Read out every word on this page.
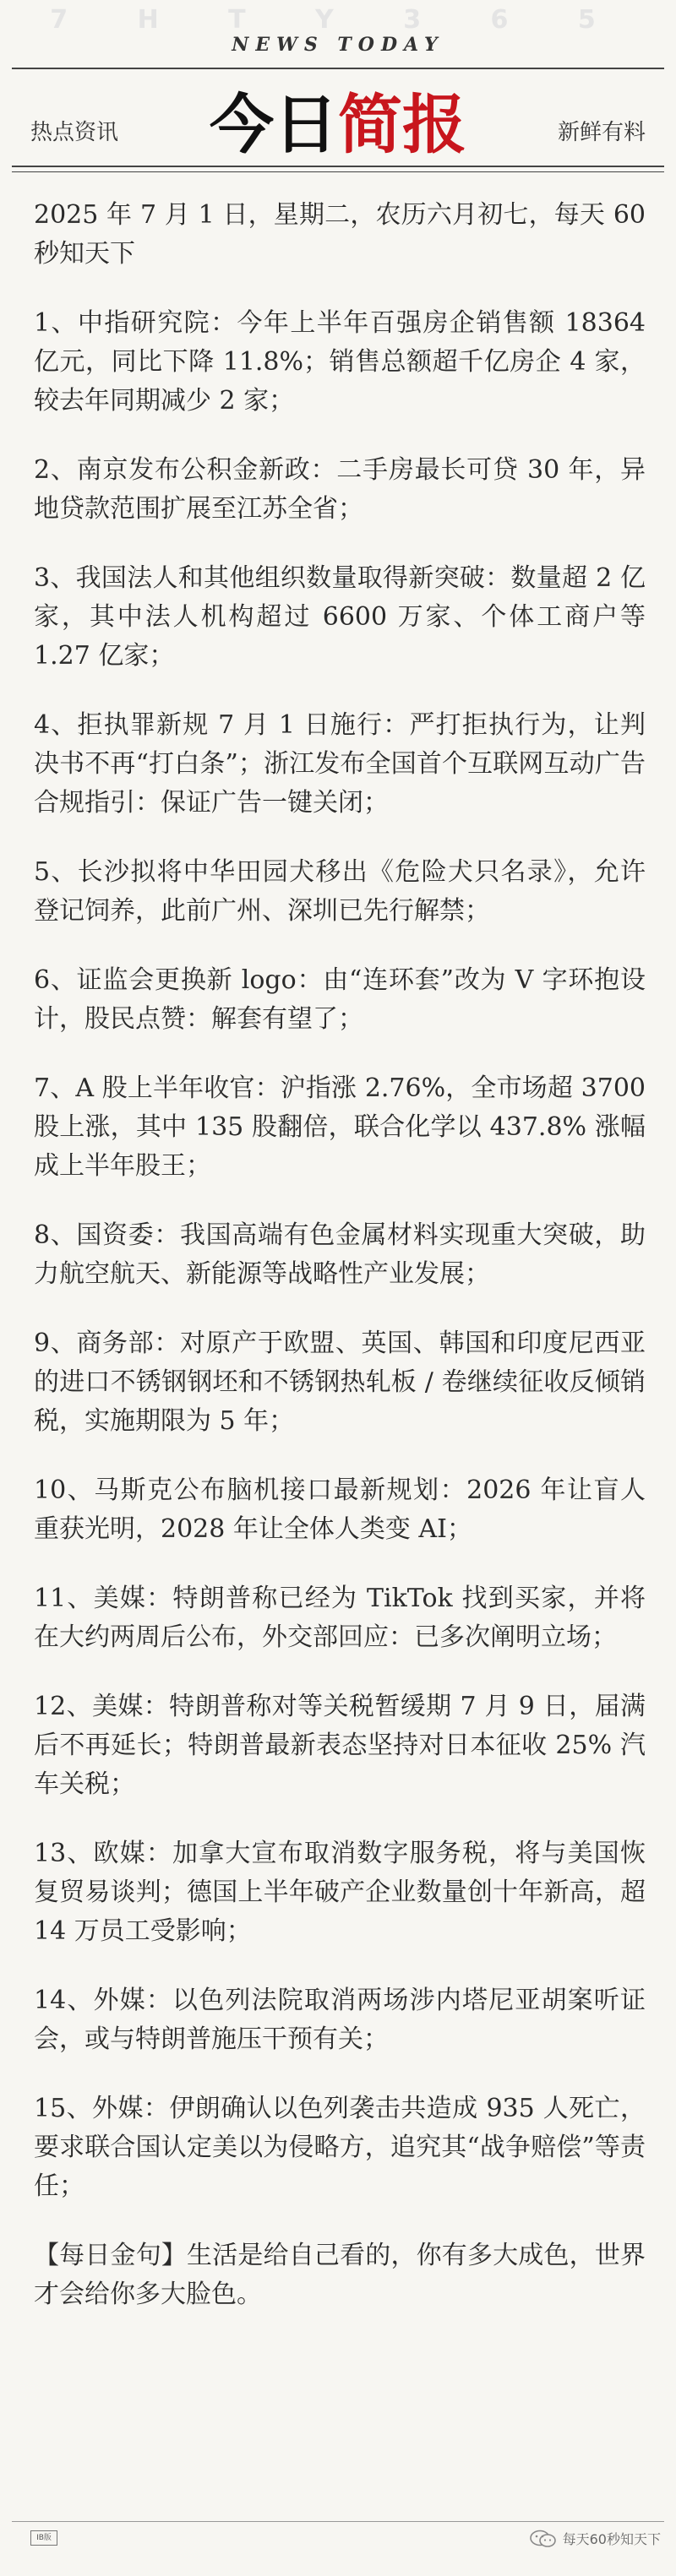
7 H T Y 3 6 5
NEWS TODAY
热点资讯	今日简报	新鲜有料

2025 年 7 月 1 日，星期二，农历六月初七，每天 60 秒知天下

1、中指研究院：今年上半年百强房企销售额 18364 亿元，同比下降 11.8%；销售总额超千亿房企 4 家，较去年同期减少 2 家；

2、南京发布公积金新政：二手房最长可贷 30 年，异地贷款范围扩展至江苏全省；

3、我国法人和其他组织数量取得新突破：数量超 2 亿家，其中法人机构超过 6600 万家、个体工商户等1.27 亿家；

4、拒执罪新规 7 月 1 日施行：严打拒执行为，让判决书不再“打白条”；浙江发布全国首个互联网互动广告合规指引：保证广告一键关闭；

5、长沙拟将中华田园犬移出《危险犬只名录》，允许登记饲养，此前广州、深圳已先行解禁；

6、证监会更换新 logo：由“连环套”改为 V 字环抱设计，股民点赞：解套有望了；

7、A 股上半年收官：沪指涨 2.76%，全市场超 3700 股上涨，其中 135 股翻倍，联合化学以 437.8% 涨幅成上半年股王；

8、国资委：我国高端有色金属材料实现重大突破，助力航空航天、新能源等战略性产业发展；

9、商务部：对原产于欧盟、英国、韩国和印度尼西亚的进口不锈钢钢坯和不锈钢热轧板 / 卷继续征收反倾销税，实施期限为 5 年；

10、马斯克公布脑机接口最新规划：2026 年让盲人重获光明，2028 年让全体人类变 AI；

11、美媒：特朗普称已经为 TikTok 找到买家，并将在大约两周后公布，外交部回应：已多次阐明立场；

12、美媒：特朗普称对等关税暂缓期 7 月 9 日，届满后不再延长；特朗普最新表态坚持对日本征收 25% 汽车关税；

13、欧媒：加拿大宣布取消数字服务税，将与美国恢复贸易谈判；德国上半年破产企业数量创十年新高，超 14 万员工受影响；

14、外媒：以色列法院取消两场涉内塔尼亚胡案听证会，或与特朗普施压干预有关；

15、外媒：伊朗确认以色列袭击共造成 935 人死亡，要求联合国认定美以为侵略方，追究其“战争赔偿”等责任；

【每日金句】生活是给自己看的，你有多大成色，世界才会给你多大脸色。

IB版	每天60秒知天下
